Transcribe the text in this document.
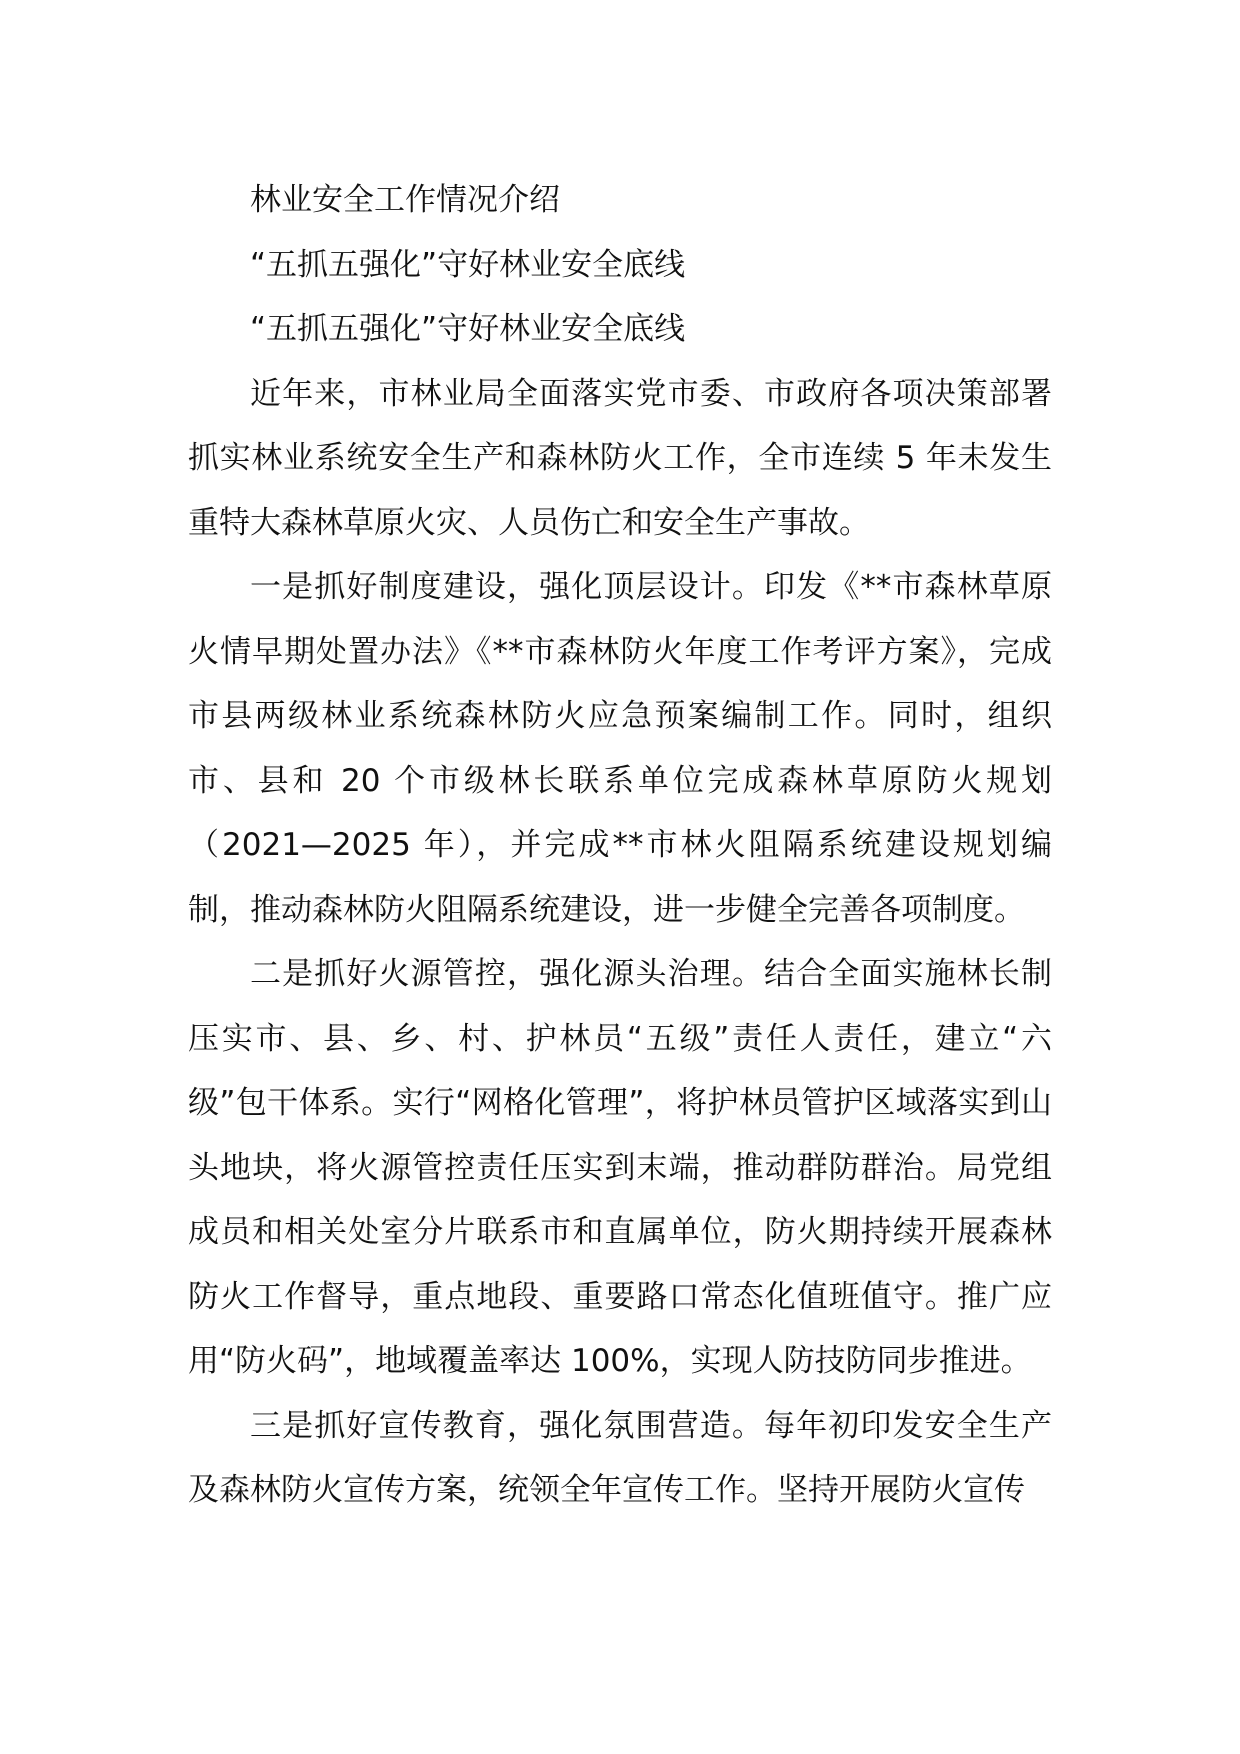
林业安全工作情况介绍

“五抓五强化”守好林业安全底线

“五抓五强化”守好林业安全底线

近年来，市林业局全面落实党市委、市政府各项决策部署抓实林业系统安全生产和森林防火工作，全市连续 5 年未发生重特大森林草原火灾、人员伤亡和安全生产事故。

一是抓好制度建设，强化顶层设计。印发《**市森林草原火情早期处置办法》《**市森林防火年度工作考评方案》，完成市县两级林业系统森林防火应急预案编制工作。同时，组织市、县和 20 个市级林长联系单位完成森林草原防火规划（2021—2025 年），并完成**市林火阻隔系统建设规划编制，推动森林防火阻隔系统建设，进一步健全完善各项制度。

二是抓好火源管控，强化源头治理。结合全面实施林长制压实市、县、乡、村、护林员“五级”责任人责任，建立“六级”包干体系。实行“网格化管理”，将护林员管护区域落实到山头地块，将火源管控责任压实到末端，推动群防群治。局党组成员和相关处室分片联系市和直属单位，防火期持续开展森林防火工作督导，重点地段、重要路口常态化值班值守。推广应用“防火码”，地域覆盖率达 100%，实现人防技防同步推进。

三是抓好宣传教育，强化氛围营造。每年初印发安全生产及森林防火宣传方案，统领全年宣传工作。坚持开展防火宣传
